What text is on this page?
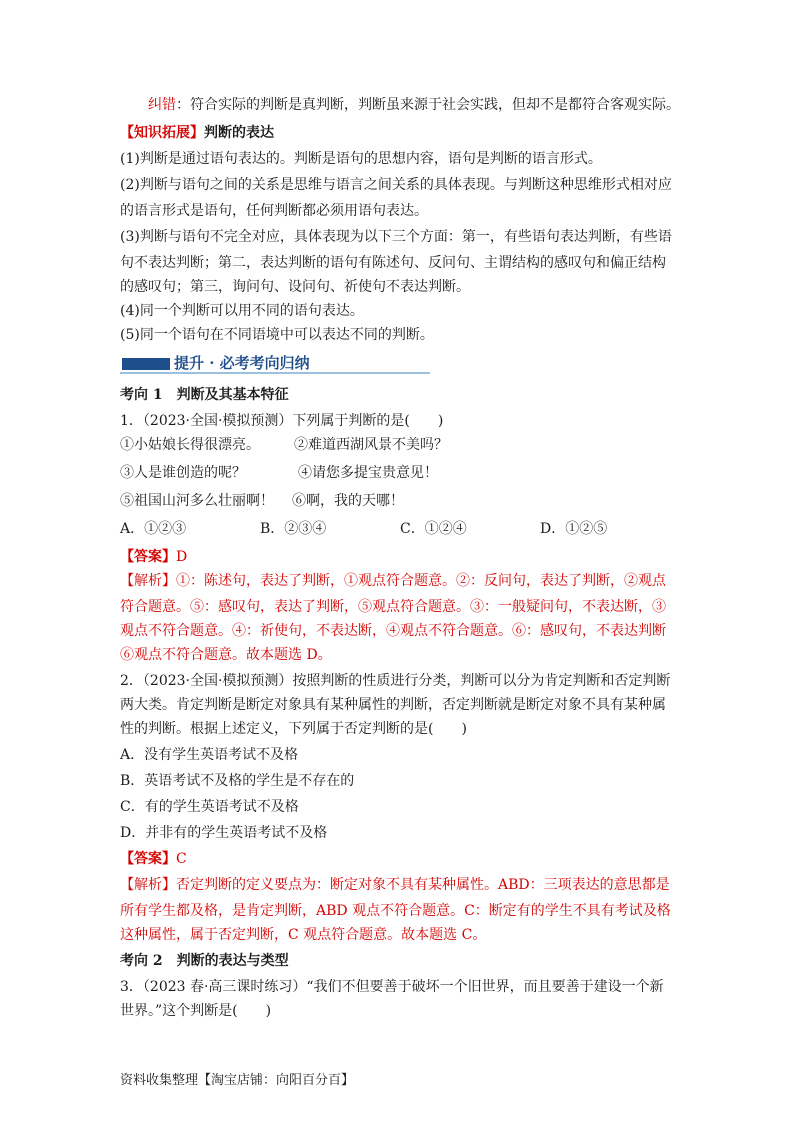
纠错：符合实际的判断是真判断，判断虽来源于社会实践，但却不是都符合客观实际。
【知识拓展】判断的表达
(1)判断是通过语句表达的。判断是语句的思想内容，语句是判断的语言形式。
(2)判断与语句之间的关系是思维与语言之间关系的具体表现。与判断这种思维形式相对应
的语言形式是语句，任何判断都必须用语句表达。
(3)判断与语句不完全对应，具体表现为以下三个方面：第一，有些语句表达判断，有些语
句不表达判断；第二，表达判断的语句有陈述句、反问句、主谓结构的感叹句和偏正结构
的感叹句；第三，询问句、设问句、祈使句不表达判断。
(4)同一个判断可以用不同的语句表达。
(5)同一个语句在不同语境中可以表达不同的判断。
提升 · 必考考向归纳
考向 1　判断及其基本特征
1．（2023·全国·模拟预测）下列属于判断的是(　　)
①小姑娘长得很漂亮。 ②难道西湖风景不美吗？
③人是谁创造的呢？	④请您多提宝贵意见！
⑤祖国山河多么壮丽啊！ ⑥啊，我的天哪！
A．①②③	B．②③④	C．①②④	D．①②⑤
【答案】D
【解析】①：陈述句，表达了判断，①观点符合题意。②：反问句，表达了判断，②观点
符合题意。⑤：感叹句，表达了判断，⑤观点符合题意。③：一般疑问句，不表达断，③
观点不符合题意。④：祈使句，不表达断，④观点不符合题意。⑥：感叹句，不表达判断
⑥观点不符合题意。故本题选 D。
2．（2023·全国·模拟预测）按照判断的性质进行分类，判断可以分为肯定判断和否定判断
两大类。肯定判断是断定对象具有某种属性的判断，否定判断就是断定对象不具有某种属
性的判断。根据上述定义，下列属于否定判断的是(　　)
A．没有学生英语考试不及格
B．英语考试不及格的学生是不存在的
C．有的学生英语考试不及格
D．并非有的学生英语考试不及格
【答案】C
【解析】否定判断的定义要点为：断定对象不具有某种属性。ABD：三项表达的意思都是
所有学生都及格，是肯定判断，ABD 观点不符合题意。C：断定有的学生不具有考试及格
这种属性，属于否定判断，C 观点符合题意。故本题选 C。
考向 2　判断的表达与类型
3．（2023 春·高三课时练习）“我们不但要善于破坏一个旧世界，而且要善于建设一个新
世界。”这个判断是(　　)
资料收集整理【淘宝店铺：向阳百分百】
